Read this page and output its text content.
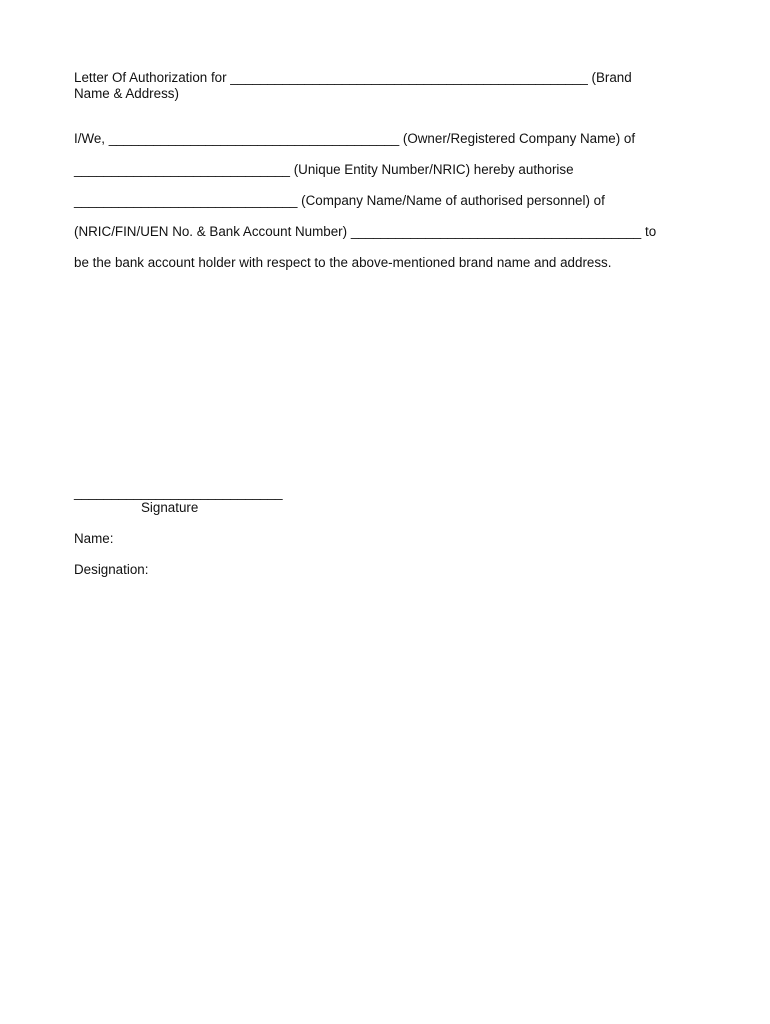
Letter Of Authorization for ________________________________________________ (Brand
Name & Address)
I/We, _______________________________________ (Owner/Registered Company Name) of
_____________________________ (Unique Entity Number/NRIC) hereby authorise
______________________________ (Company Name/Name of authorised personnel) of
(NRIC/FIN/UEN No. & Bank Account Number) _______________________________________ to
be the bank account holder with respect to the above-mentioned brand name and address.
____________________________
Signature
Name:
Designation:
